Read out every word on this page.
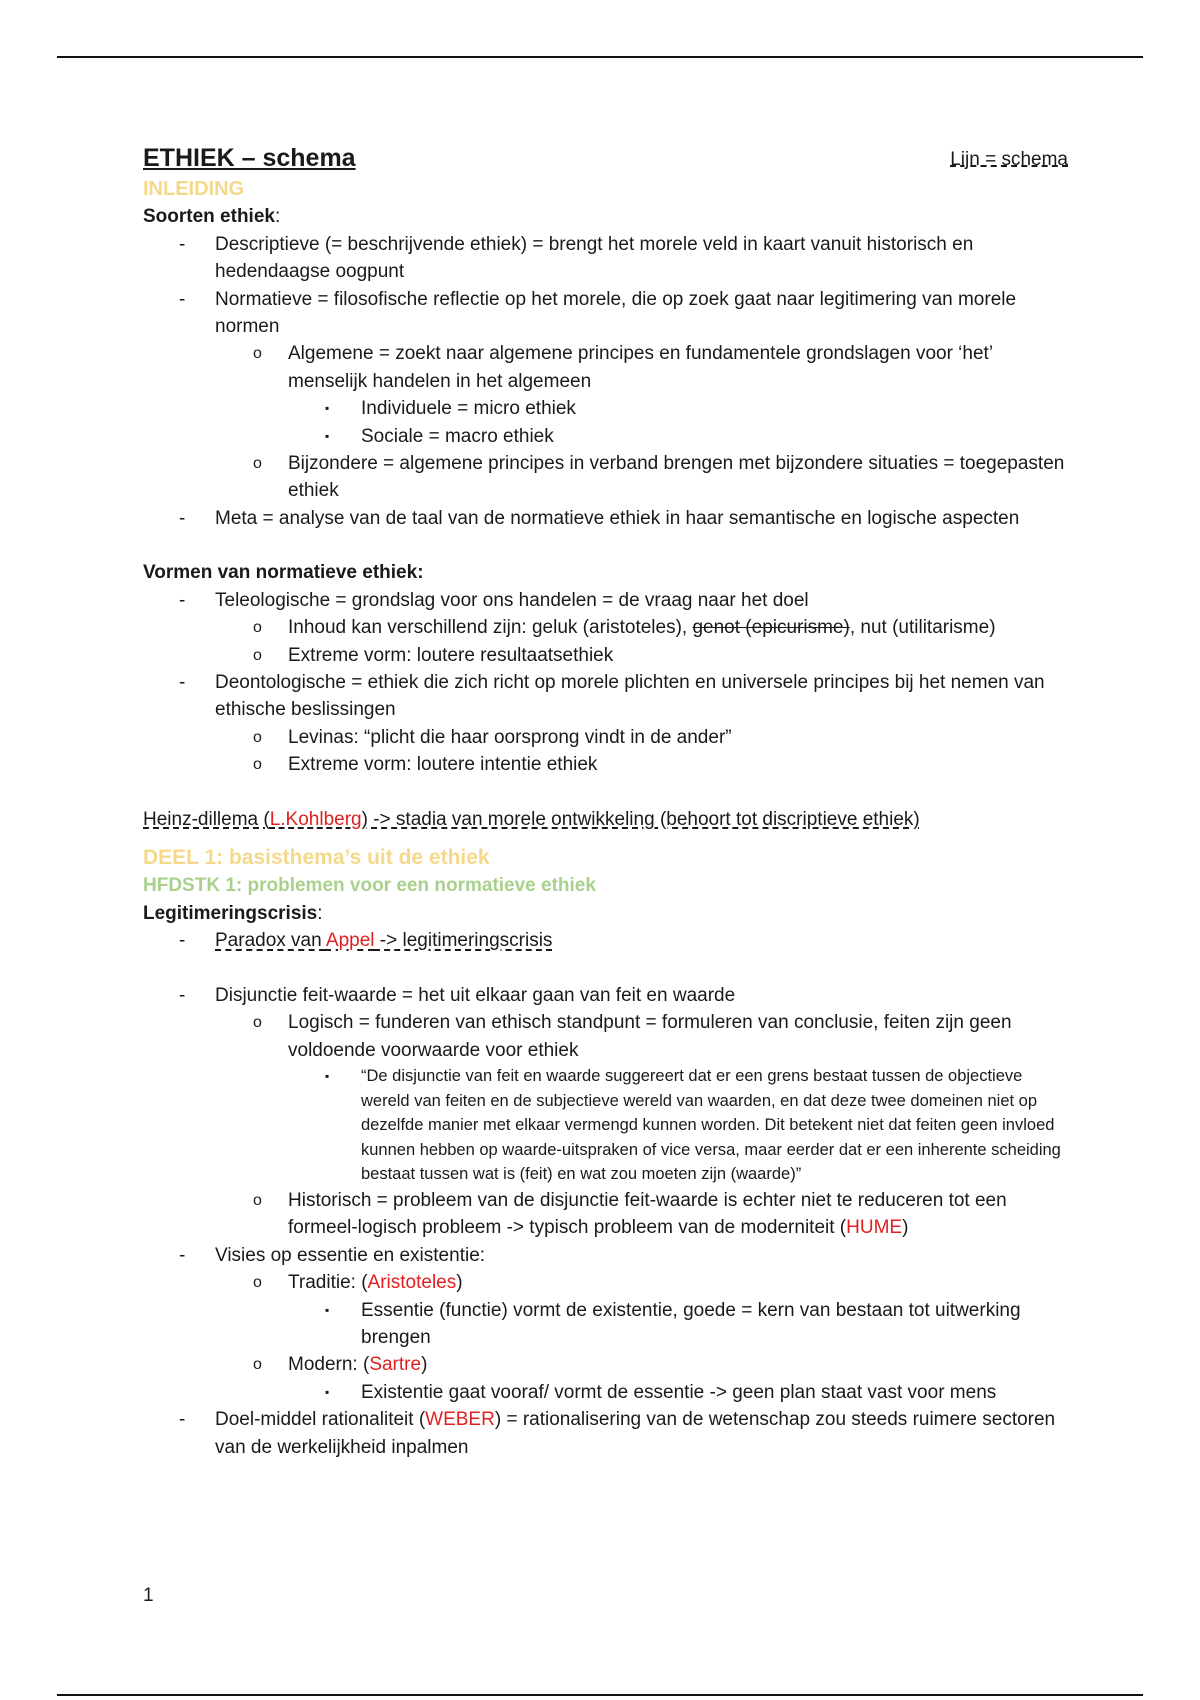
ETHIEK – schema	Lijn = schema
INLEIDING
Soorten ethiek:
- Descriptieve (= beschrijvende ethiek) = brengt het morele veld in kaart vanuit historisch en hedendaagse oogpunt
- Normatieve = filosofische reflectie op het morele, die op zoek gaat naar legitimering van morele normen
o Algemene = zoekt naar algemene principes en fundamentele grondslagen voor ‘het’ menselijk handelen in het algemeen
▪ Individuele = micro ethiek
▪ Sociale = macro ethiek
o Bijzondere = algemene principes in verband brengen met bijzondere situaties = toegepasten ethiek
- Meta = analyse van de taal van de normatieve ethiek in haar semantische en logische aspecten
Vormen van normatieve ethiek:
- Teleologische = grondslag voor ons handelen = de vraag naar het doel
o Inhoud kan verschillend zijn: geluk (aristoteles), genot (epicurisme), nut (utilitarisme)
o Extreme vorm: loutere resultaatsethiek
- Deontologische = ethiek die zich richt op morele plichten en universele principes bij het nemen van ethische beslissingen
o Levinas: “plicht die haar oorsprong vindt in de ander”
o Extreme vorm: loutere intentie ethiek
Heinz-dillema (L.Kohlberg) -> stadia van morele ontwikkeling (behoort tot discriptieve ethiek)
DEEL 1: basisthema’s uit de ethiek
HFDSTK 1: problemen voor een normatieve ethiek
Legitimeringscrisis:
- Paradox van Appel -> legitimeringscrisis
- Disjunctie feit-waarde = het uit elkaar gaan van feit en waarde
o Logisch = funderen van ethisch standpunt = formuleren van conclusie, feiten zijn geen voldoende voorwaarde voor ethiek
▪ “De disjunctie van feit en waarde suggereert dat er een grens bestaat tussen de objectieve wereld van feiten en de subjectieve wereld van waarden, en dat deze twee domeinen niet op dezelfde manier met elkaar vermengd kunnen worden. Dit betekent niet dat feiten geen invloed kunnen hebben op waarde-uitspraken of vice versa, maar eerder dat er een inherente scheiding bestaat tussen wat is (feit) en wat zou moeten zijn (waarde)”
o Historisch = probleem van de disjunctie feit-waarde is echter niet te reduceren tot een formeel-logisch probleem -> typisch probleem van de moderniteit (HUME)
- Visies op essentie en existentie:
o Traditie: (Aristoteles)
▪ Essentie (functie) vormt de existentie, goede = kern van bestaan tot uitwerking brengen
o Modern: (Sartre)
▪ Existentie gaat vooraf/ vormt de essentie -> geen plan staat vast voor mens
- Doel-middel rationaliteit (WEBER) = rationalisering van de wetenschap zou steeds ruimere sectoren van de werkelijkheid inpalmen
1
